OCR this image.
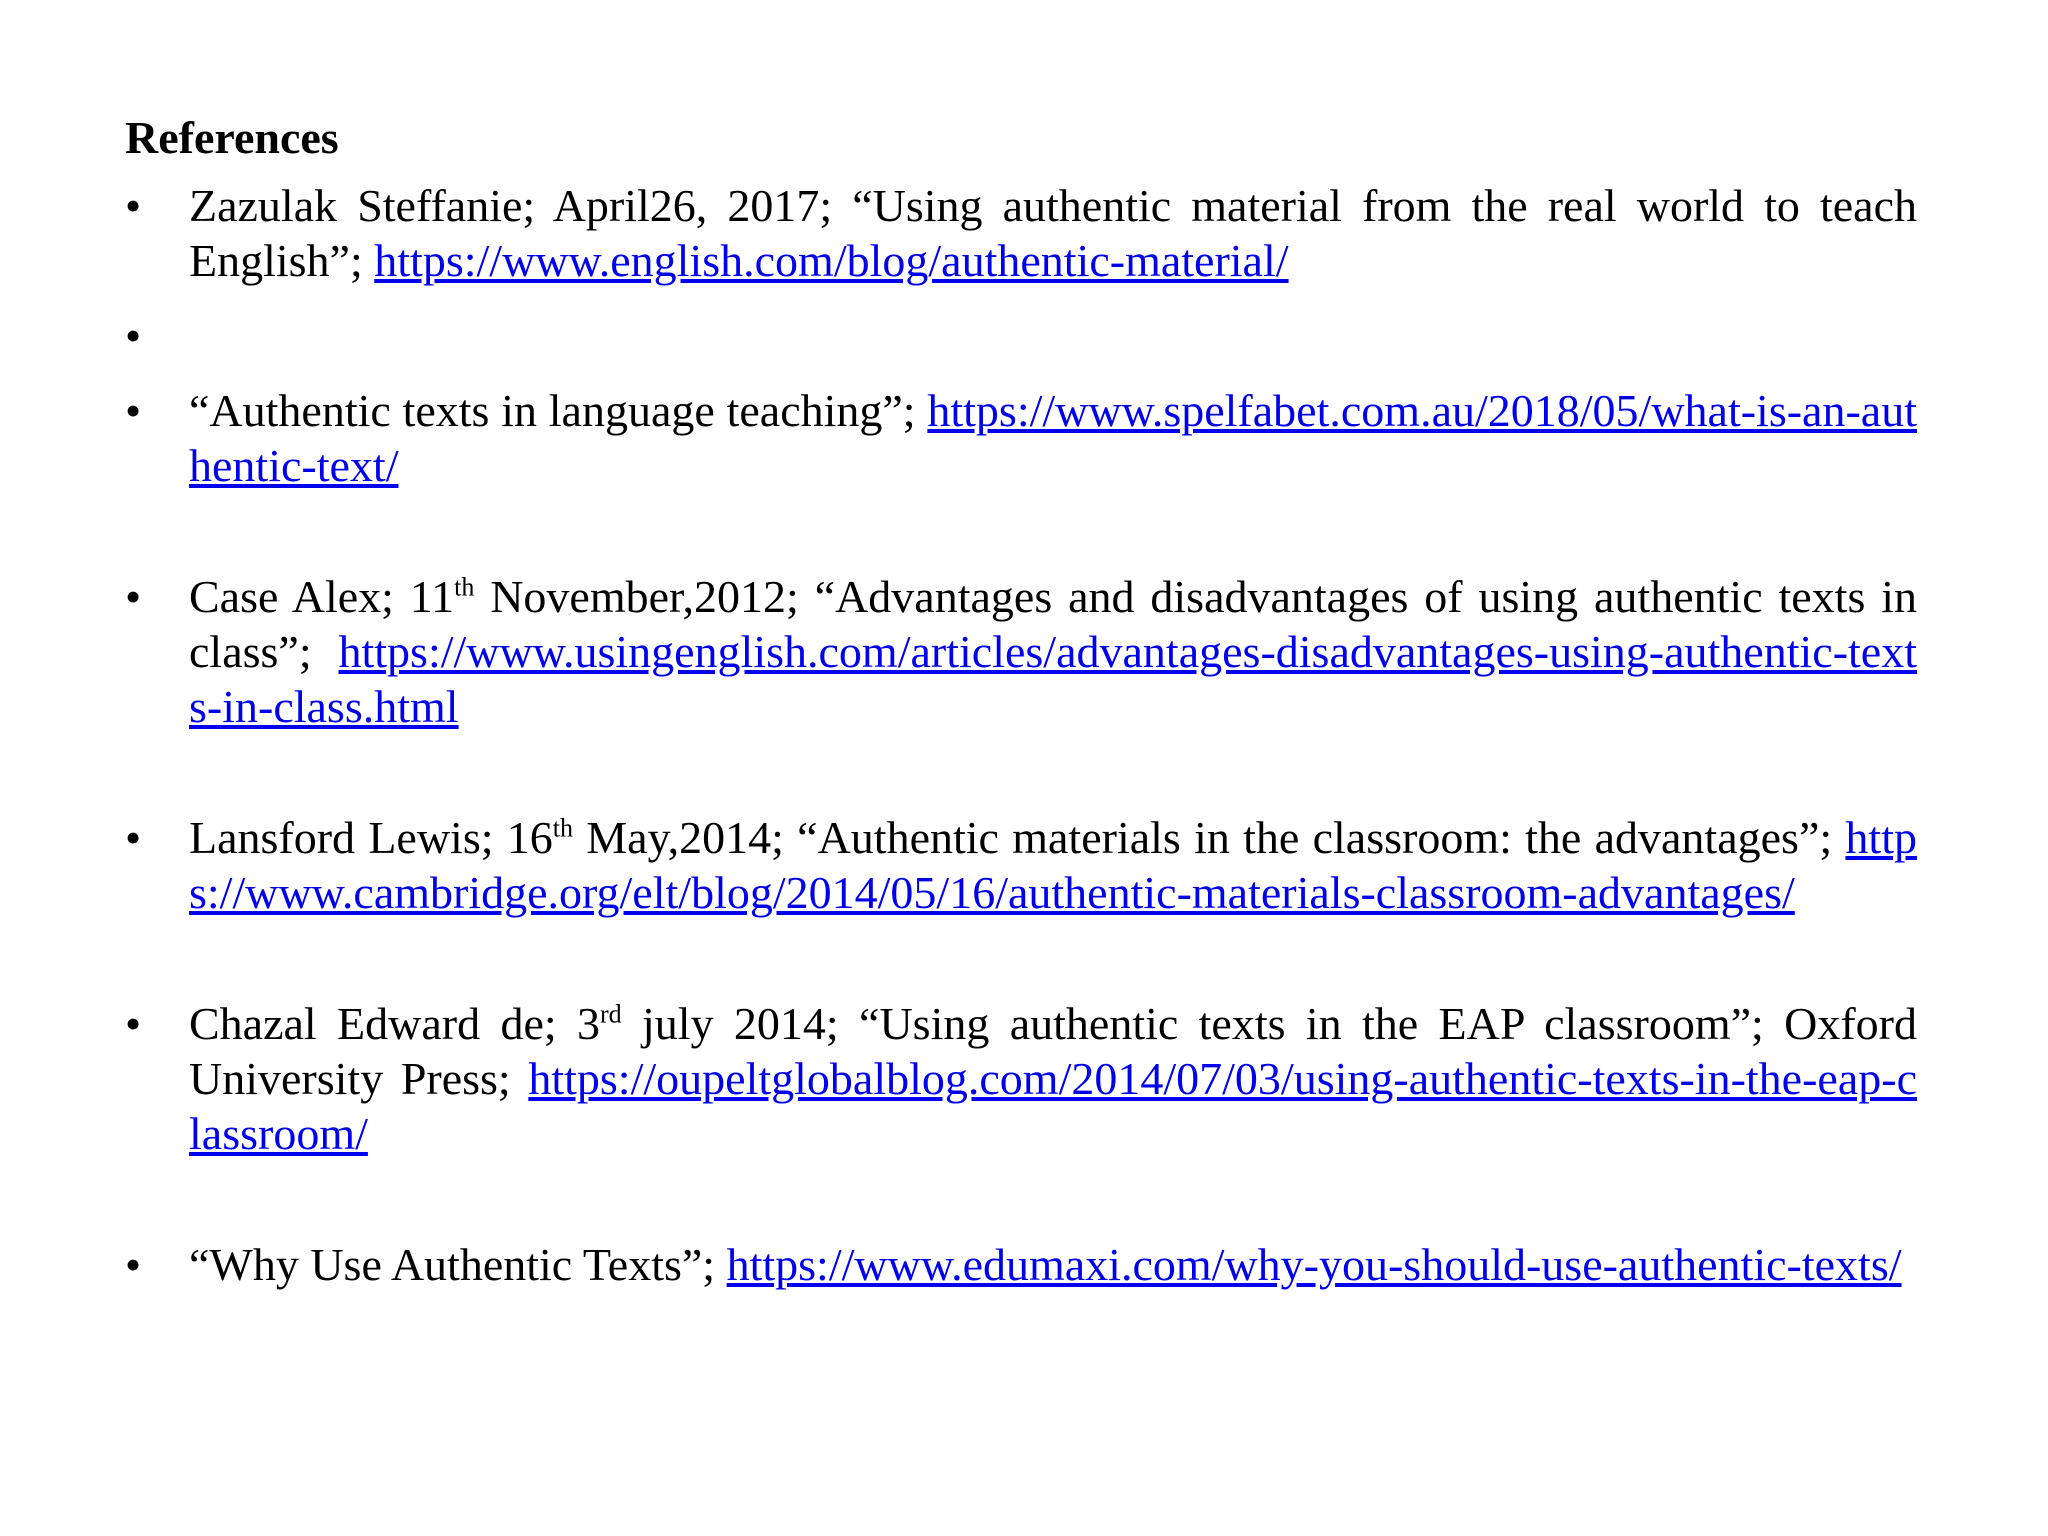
References
•	Zazulak Steffanie; April26, 2017; “Using authentic material from the real world to teach English”; https://www.english.com/blog/authentic-material/
•
•	“Authentic texts in language teaching”; https://www.spelfabet.com.au/2018/05/what-is-an-authentic-text/
•	Case Alex; 11th November,2012; “Advantages and disadvantages of using authentic texts in class”; https://www.usingenglish.com/articles/advantages-disadvantages-using-authentic-texts-in-class.html
•	Lansford Lewis; 16th May,2014; “Authentic materials in the classroom: the advantages”; https://www.cambridge.org/elt/blog/2014/05/16/authentic-materials-classroom-advantages/
•	Chazal Edward de; 3rd july 2014; “Using authentic texts in the EAP classroom”; Oxford University Press; https://oupeltglobalblog.com/2014/07/03/using-authentic-texts-in-the-eap-classroom/
•	“Why Use Authentic Texts”; https://www.edumaxi.com/why-you-should-use-authentic-texts/
